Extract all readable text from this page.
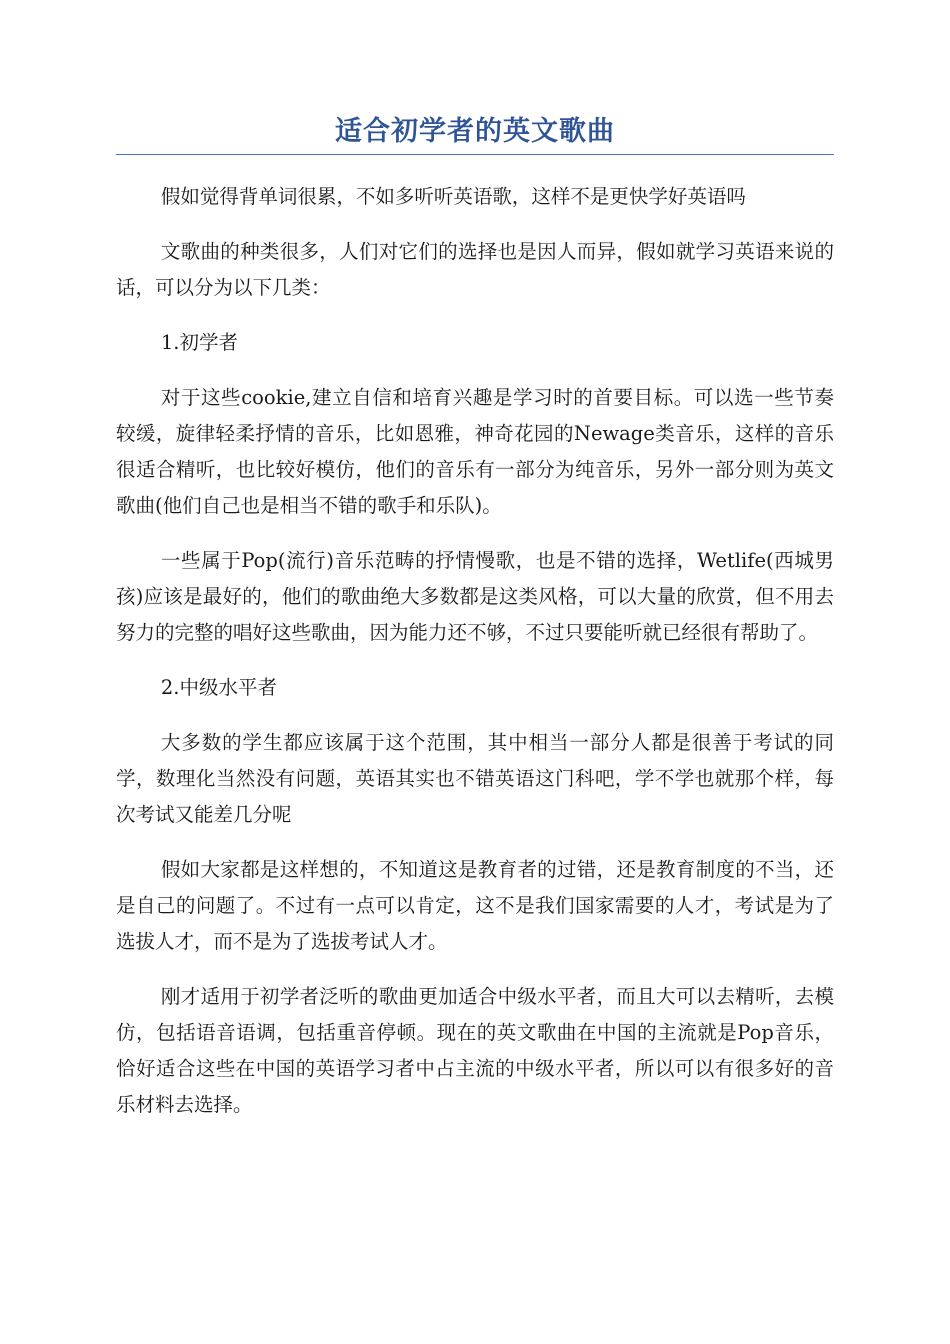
适合初学者的英文歌曲

假如觉得背单词很累，不如多听听英语歌，这样不是更快学好英语吗

文歌曲的种类很多，人们对它们的选择也是因人而异，假如就学习英语来说的话，可以分为以下几类：

1.初学者

对于这些cookie,建立自信和培育兴趣是学习时的首要目标。可以选一些节奏较缓，旋律轻柔抒情的音乐，比如恩雅，神奇花园的Newage类音乐，这样的音乐很适合精听，也比较好模仿，他们的音乐有一部分为纯音乐，另外一部分则为英文歌曲(他们自己也是相当不错的歌手和乐队)。

一些属于Pop(流行)音乐范畴的抒情慢歌，也是不错的选择，Wetlife(西城男孩)应该是最好的，他们的歌曲绝大多数都是这类风格，可以大量的欣赏，但不用去努力的完整的唱好这些歌曲，因为能力还不够，不过只要能听就已经很有帮助了。

2.中级水平者

大多数的学生都应该属于这个范围，其中相当一部分人都是很善于考试的同学，数理化当然没有问题，英语其实也不错英语这门科吧，学不学也就那个样，每次考试又能差几分呢

假如大家都是这样想的，不知道这是教育者的过错，还是教育制度的不当，还是自己的问题了。不过有一点可以肯定，这不是我们国家需要的人才，考试是为了选拔人才，而不是为了选拔考试人才。

刚才适用于初学者泛听的歌曲更加适合中级水平者，而且大可以去精听，去模仿，包括语音语调，包括重音停顿。现在的英文歌曲在中国的主流就是Pop音乐，恰好适合这些在中国的英语学习者中占主流的中级水平者，所以可以有很多好的音乐材料去选择。
